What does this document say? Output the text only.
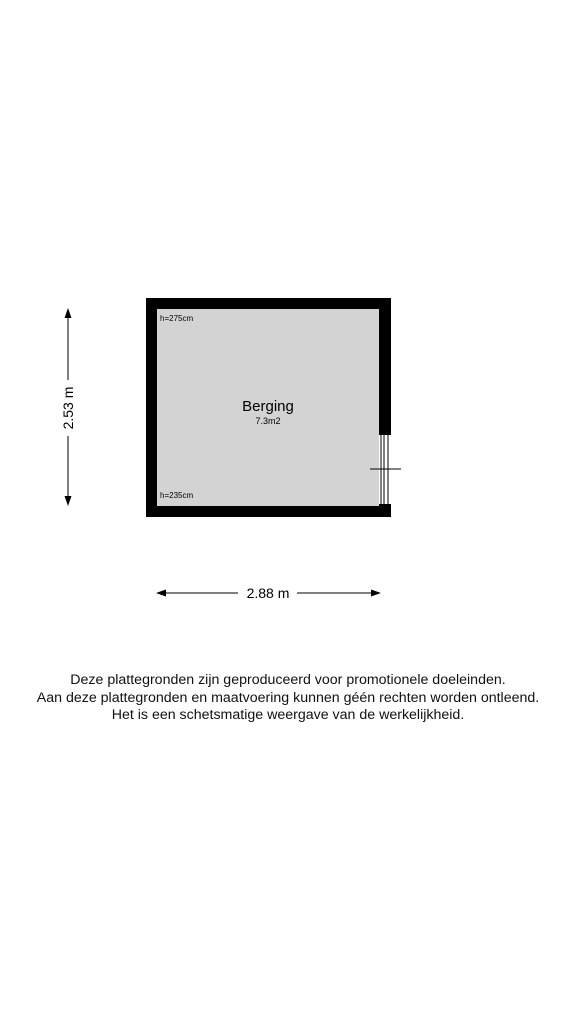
Berging
7.3m2
h=275cm
h=235cm
2.53 m
2.88 m
Deze plattegronden zijn geproduceerd voor promotionele doeleinden.
Aan deze plattegronden en maatvoering kunnen géén rechten worden ontleend.
Het is een schetsmatige weergave van de werkelijkheid.
